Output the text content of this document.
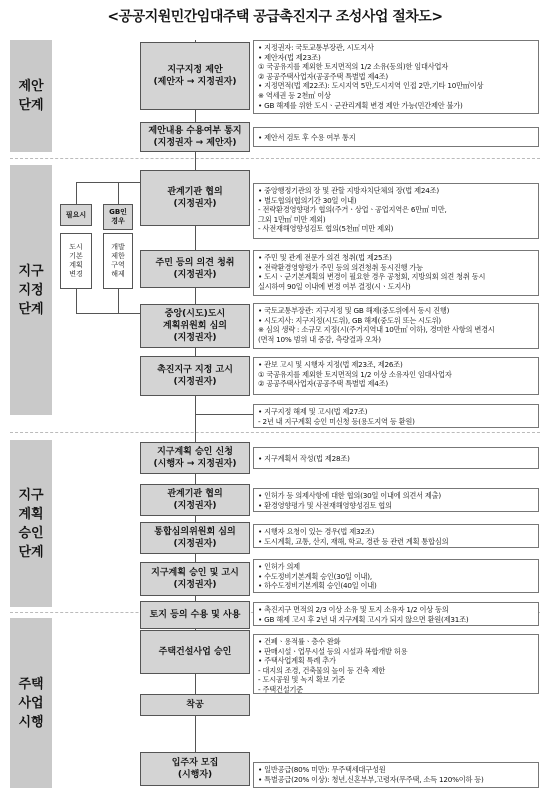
<공공지원민간임대주택 공급촉진지구 조성사업 절차도>
제안
단계
지구
지정
단계
지구
계획
승인
단계
주택
사업
시행
필요시	GB인
경우
도시
기본
계획
변경
개발
제한
구역
해제
지구지정 제안
(제안자 → 지정권자)
• 지정권자: 국토교통부장관, 시도지사
• 제안자(법 제23조)
① 국공유지를 제외한 토지면적의 1/2 소유(동의)한 임대사업자
② 공공주택사업자(공공주택 특별법 제4조)
• 지정면적(법 제22조): 도시지역 5만,도시지역 인접 2만,기타 10만㎡이상
※ 역세권 등 2천㎡ 이상
• GB 해제를 위한 도시ㆍ군관리계획 변경 제안 가능(민간제안 불가)
제안내용 수용여부 통지
(지정권자 → 제안자)
• 제안서 검토 후 수용 여부 통지
관계기관 협의
(지정권자)
• 중앙행정기관의 장 및 관할 지방자치단체의 장(법 제24조)
• 별도협의(협의기간 30일 이내)
- 전략환경영향평가 협의(주거ㆍ상업ㆍ공업지역은 6만㎡ 미만,
그외 1만㎡ 미만 제외)
- 사전재해영향성검토 협의(5천㎡ 미만 제외)
주민 등의 의견 청취
(지정권자)
• 주민 및 관계 전문가 의견 청취(법 제25조)
• 전략환경영향평가 주민 등의 의견청취 동시진행 가능
• 도시ㆍ군기본계획의 변경이 필요한 경우 공청회, 지방의회 의견 청취 동시
실시하여 90일 이내에 변경 여부 결정(시ㆍ도지사)
중앙(시도)도시
계획위원회 심의
(지정권자)
• 국토교통부장관: 지구지정 및 GB 해제(중도위에서 동시 진행)
• 시도지사: 지구지정(시도위), GB 해제(중도위 또는 시도위)
※ 심의 생략 : 소규모 지정(시(주거지역내 10만㎡ 이하), 경미한 사항의 변경시
(면적 10% 범위 내 증감, 측량결과 오차)
촉진지구 지정 고시
(지정권자)
• 관보 고시 및 시행자 지정(법 제23조, 제26조)
① 국공유지를 제외한 토지면적의 1/2 이상 소유자인 임대사업자
② 공공주택사업자(공공주택 특별법 제4조)
• 지구지정 해제 및 고시(법 제27조)
- 2년 내 지구계획 승인 미신청 등(용도지역 등 환원)
지구계획 승인 신청
(시행자 → 지정권자)
• 지구계획서 작성(법 제28조)
관계기관 협의
(지정권자)
• 인허가 등 의제사항에 대한 협의(30일 이내에 의견서 제출)
• 환경영향평가 및 사전재해영향성검토 협의
통합심의위원회 심의
(지정권자)
• 시행자 요청이 있는 경우(법 제32조)
• 도시계획, 교통, 산지, 재해, 학교, 경관 등 관련 계획 통합심의
지구계획 승인 및 고시
(지정권자)
• 인허가 의제
• 수도정비기본계획 승인(30일 이내),
• 하수도정비기본계획 승인(40일 이내)
토지 등의 수용 및 사용
• 촉진지구 면적의 2/3 이상 소유 및 토지 소유자 1/2 이상 동의
• GB 해제 고시 후 2년 내 지구계획 고시가 되지 않으면 환원(제31조)
주택건설사업 승인
• 건폐ㆍ용적률ㆍ층수 완화
• 판매시설ㆍ업무시설 등의 시설과 복합개발 허용
• 주택사업계획 특례 추가
- 대지의 조경, 건축물의 높이 등 건축 제한
- 도시공원 및 녹지 확보 기준
- 주택건설기준
착공
입주자 모집
(시행자)
• 일반공급(80% 미만): 무주택세대구성원
• 특별공급(20% 이상): 청년,신혼부부,고령자(무주택, 소득 120%이하 등)
